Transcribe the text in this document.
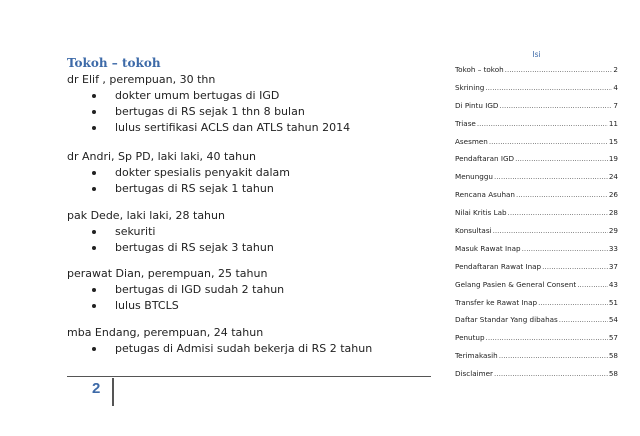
Tokoh – tokoh
dr Elif , perempuan, 30 thn
dokter umum bertugas di IGD
bertugas di RS sejak 1 thn 8 bulan
lulus sertifikasi ACLS dan ATLS tahun 2014
dr Andri, Sp PD, laki laki, 40 tahun
dokter spesialis penyakit dalam
bertugas di RS sejak 1 tahun
pak Dede, laki laki, 28 tahun
sekuriti
bertugas di RS sejak 3 tahun
perawat Dian, perempuan, 25 tahun
bertugas di IGD sudah 2 tahun
lulus BTCLS
mba Endang, perempuan, 24 tahun
petugas di Admisi sudah bekerja di RS 2 tahun
Isi
Tokoh – tokoh .....	2
Skrining .....	4
Di Pintu IGD .....	7
Triase .....	11
Asesmen .....	15
Pendaftaran IGD .....	19
Menunggu .....	24
Rencana Asuhan .....	26
Nilai Kritis Lab .....	28
Konsultasi .....	29
Masuk Rawat Inap .....	33
Pendaftaran Rawat Inap .....	37
Gelang Pasien & General Consent .....	43
Transfer ke Rawat Inap .....	51
Daftar Standar Yang dibahas .....	54
Penutup .....	57
Terimakasih .....	58
Disclaimer .....	58
2
